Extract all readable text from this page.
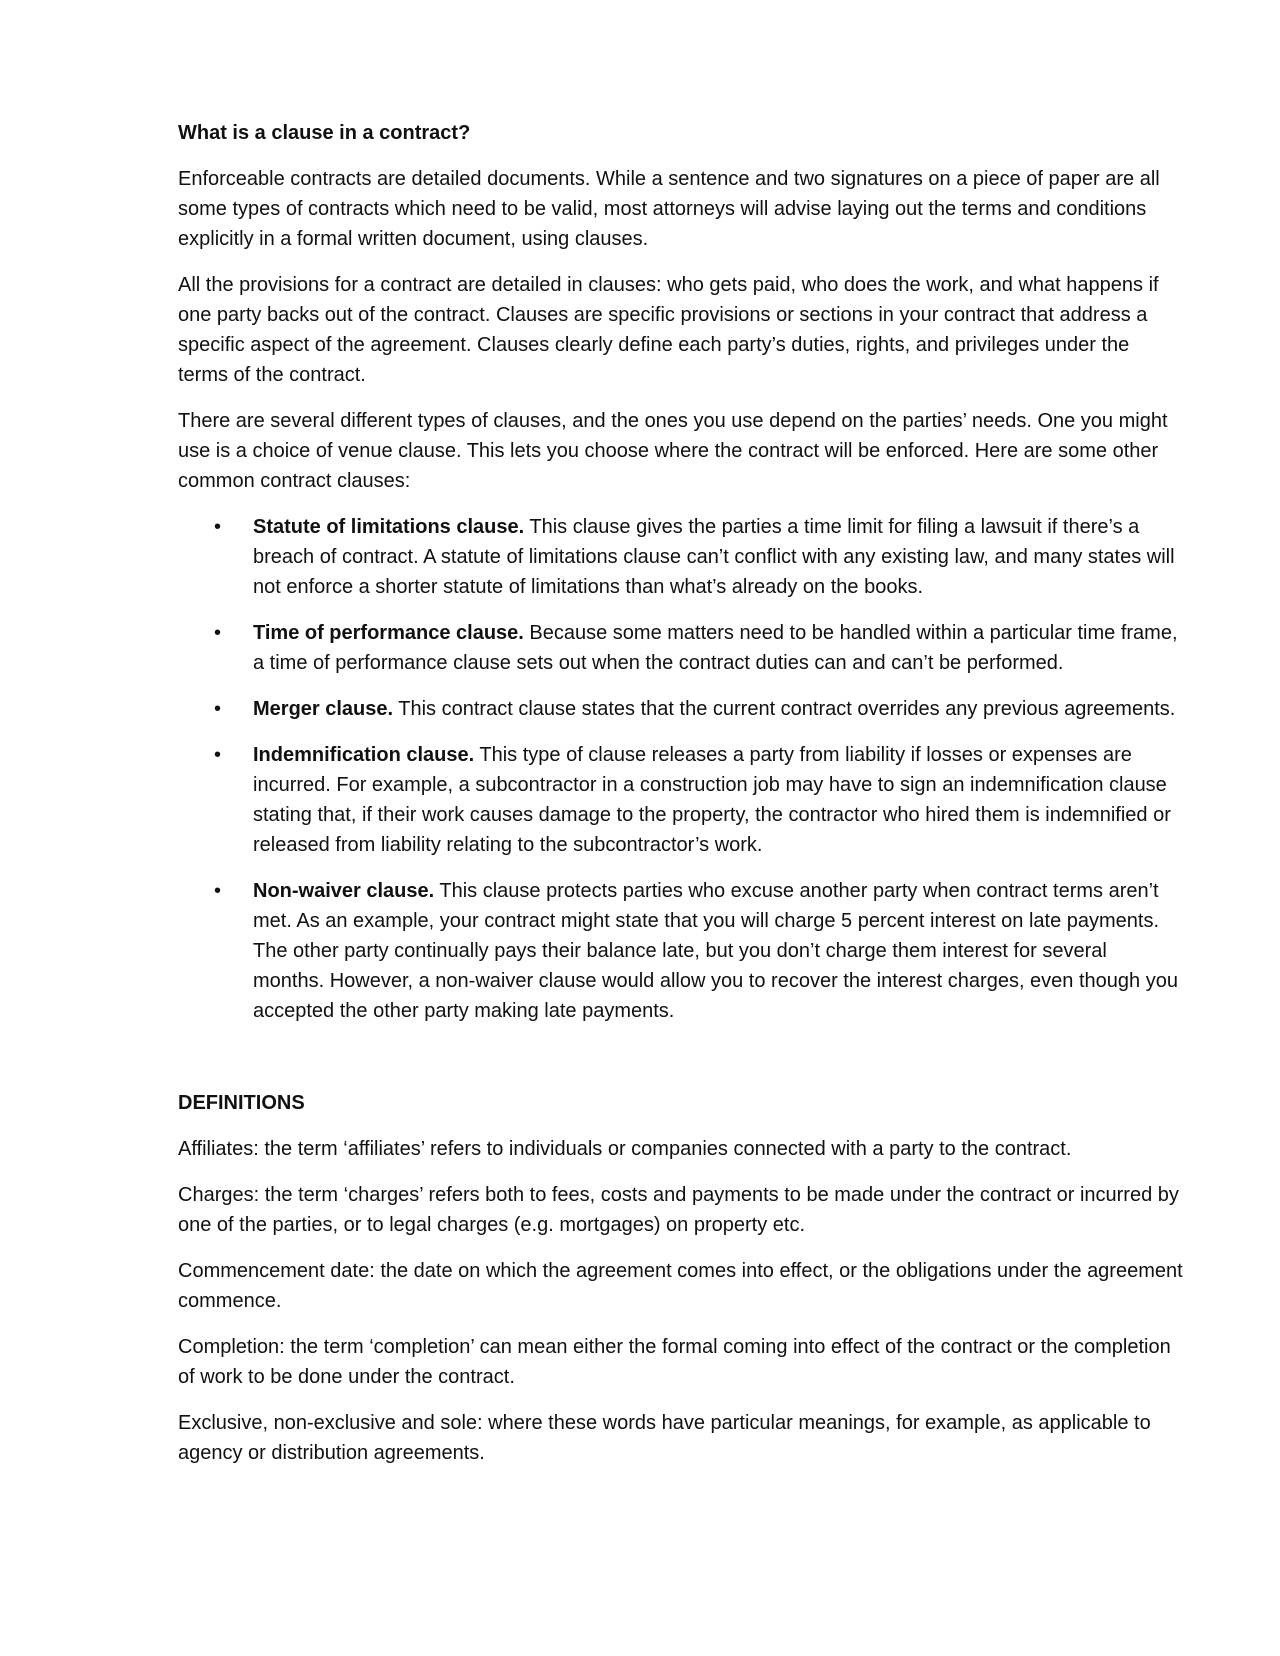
What is a clause in a contract?

Enforceable contracts are detailed documents. While a sentence and two signatures on a piece of paper are all some types of contracts which need to be valid, most attorneys will advise laying out the terms and conditions explicitly in a formal written document, using clauses.

All the provisions for a contract are detailed in clauses: who gets paid, who does the work, and what happens if one party backs out of the contract. Clauses are specific provisions or sections in your contract that address a specific aspect of the agreement. Clauses clearly define each party’s duties, rights, and privileges under the terms of the contract.

There are several different types of clauses, and the ones you use depend on the parties’ needs. One you might use is a choice of venue clause. This lets you choose where the contract will be enforced. Here are some other common contract clauses:

• Statute of limitations clause. This clause gives the parties a time limit for filing a lawsuit if there’s a breach of contract. A statute of limitations clause can’t conflict with any existing law, and many states will not enforce a shorter statute of limitations than what’s already on the books.
• Time of performance clause. Because some matters need to be handled within a particular time frame, a time of performance clause sets out when the contract duties can and can’t be performed.
• Merger clause. This contract clause states that the current contract overrides any previous agreements.
• Indemnification clause. This type of clause releases a party from liability if losses or expenses are incurred. For example, a subcontractor in a construction job may have to sign an indemnification clause stating that, if their work causes damage to the property, the contractor who hired them is indemnified or released from liability relating to the subcontractor’s work.
• Non-waiver clause. This clause protects parties who excuse another party when contract terms aren’t met. As an example, your contract might state that you will charge 5 percent interest on late payments. The other party continually pays their balance late, but you don’t charge them interest for several months. However, a non-waiver clause would allow you to recover the interest charges, even though you accepted the other party making late payments.
DEFINITIONS

Affiliates: the term ‘affiliates’ refers to individuals or companies connected with a party to the contract.

Charges: the term ‘charges’ refers both to fees, costs and payments to be made under the contract or incurred by one of the parties, or to legal charges (e.g. mortgages) on property etc.

Commencement date: the date on which the agreement comes into effect, or the obligations under the agreement commence.

Completion: the term ‘completion’ can mean either the formal coming into effect of the contract or the completion of work to be done under the contract.

Exclusive, non-exclusive and sole: where these words have particular meanings, for example, as applicable to agency or distribution agreements.
